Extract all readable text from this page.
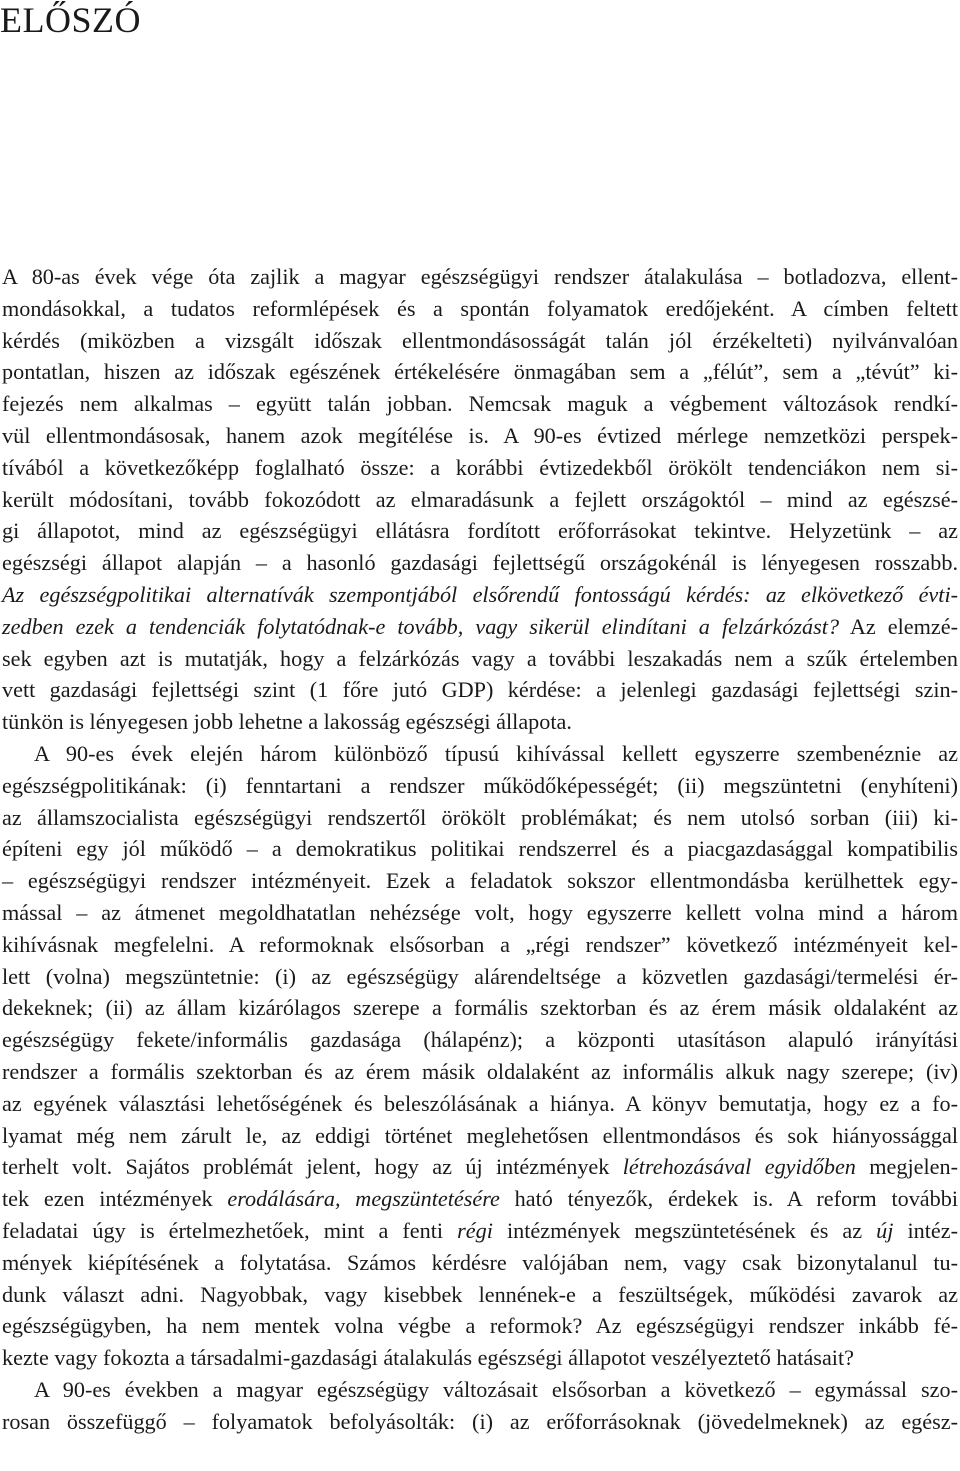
ELŐSZÓ
A 80-as évek vége óta zajlik a magyar egészségügyi rendszer átalakulása – botladozva, ellent-
mondásokkal, a tudatos reformlépések és a spontán folyamatok eredőjeként. A címben feltett
kérdés (miközben a vizsgált időszak ellentmondásosságát talán jól érzékelteti) nyilvánvalóan
pontatlan, hiszen az időszak egészének értékelésére önmagában sem a „félút”, sem a „tévút” ki-
fejezés nem alkalmas – együtt talán jobban. Nemcsak maguk a végbement változások rendkí-
vül ellentmondásosak, hanem azok megítélése is. A 90-es évtized mérlege nemzetközi perspek-
tívából a következőképp foglalható össze: a korábbi évtizedekből örökölt tendenciákon nem si-
került módosítani, tovább fokozódott az elmaradásunk a fejlett országoktól – mind az egészsé-
gi állapotot, mind az egészségügyi ellátásra fordított erőforrásokat tekintve. Helyzetünk – az
egészségi állapot alapján – a hasonló gazdasági fejlettségű országokénál is lényegesen rosszabb.
Az egészségpolitikai alternatívák szempontjából elsőrendű fontosságú kérdés: az elkövetkező évti-
zedben ezek a tendenciák folytatódnak-e tovább, vagy sikerül elindítani a felzárkózást? Az elemzé-
sek egyben azt is mutatják, hogy a felzárkózás vagy a további leszakadás nem a szűk értelemben
vett gazdasági fejlettségi szint (1 főre jutó GDP) kérdése: a jelenlegi gazdasági fejlettségi szin-
tünkön is lényegesen jobb lehetne a lakosság egészségi állapota.
A 90-es évek elején három különböző típusú kihívással kellett egyszerre szembenéznie az
egészségpolitikának: (i) fenntartani a rendszer működőképességét; (ii) megszüntetni (enyhíteni)
az államszocialista egészségügyi rendszertől örökölt problémákat; és nem utolsó sorban (iii) ki-
építeni egy jól működő – a demokratikus politikai rendszerrel és a piacgazdasággal kompatibilis
– egészségügyi rendszer intézményeit. Ezek a feladatok sokszor ellentmondásba kerülhettek egy-
mással – az átmenet megoldhatatlan nehézsége volt, hogy egyszerre kellett volna mind a három
kihívásnak megfelelni. A reformoknak elsősorban a „régi rendszer” következő intézményeit kel-
lett (volna) megszüntetnie: (i) az egészségügy alárendeltsége a közvetlen gazdasági/termelési ér-
dekeknek; (ii) az állam kizárólagos szerepe a formális szektorban és az érem másik oldalaként az
egészségügy fekete/informális gazdasága (hálapénz); a központi utasításon alapuló irányítási
rendszer a formális szektorban és az érem másik oldalaként az informális alkuk nagy szerepe; (iv)
az egyének választási lehetőségének és beleszólásának a hiánya. A könyv bemutatja, hogy ez a fo-
lyamat még nem zárult le, az eddigi történet meglehetősen ellentmondásos és sok hiányossággal
terhelt volt. Sajátos problémát jelent, hogy az új intézmények létrehozásával egyidőben megjelen-
tek ezen intézmények erodálására, megszüntetésére ható tényezők, érdekek is. A reform további
feladatai úgy is értelmezhetőek, mint a fenti régi intézmények megszüntetésének és az új intéz-
mények kiépítésének a folytatása. Számos kérdésre valójában nem, vagy csak bizonytalanul tu-
dunk választ adni. Nagyobbak, vagy kisebbek lennének-e a feszültségek, működési zavarok az
egészségügyben, ha nem mentek volna végbe a reformok? Az egészségügyi rendszer inkább fé-
kezte vagy fokozta a társadalmi-gazdasági átalakulás egészségi állapotot veszélyeztető hatásait?
A 90-es években a magyar egészségügy változásait elsősorban a következő – egymással szo-
rosan összefüggő – folyamatok befolyásolták: (i) az erőforrásoknak (jövedelmeknek) az egész-
